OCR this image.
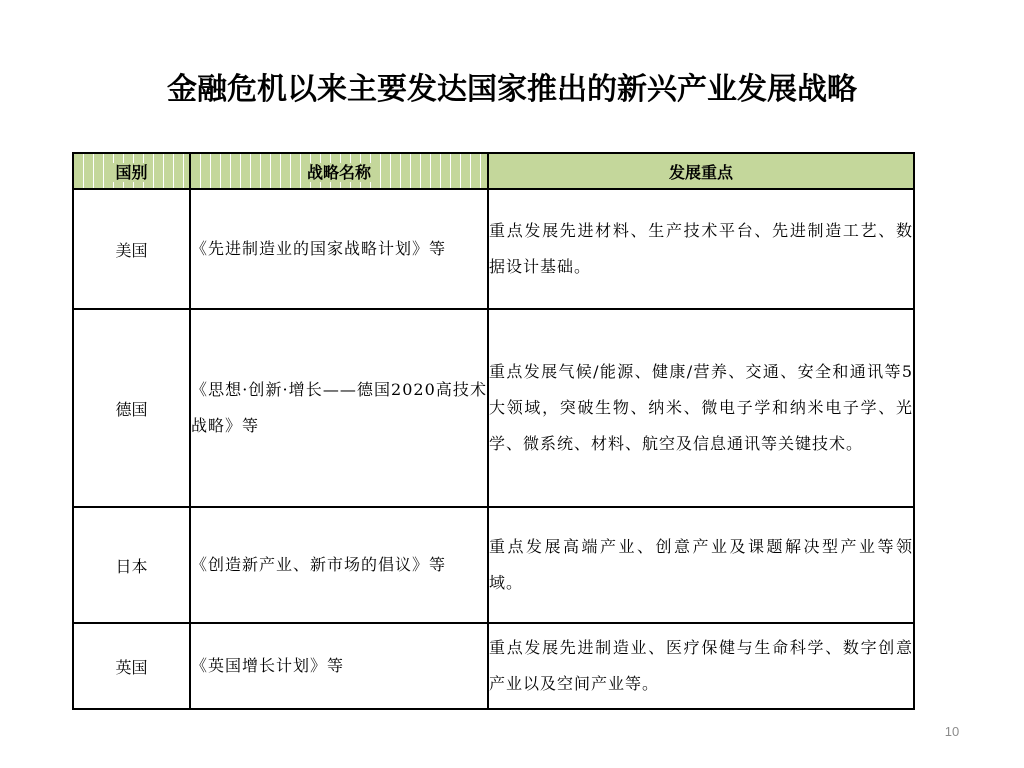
金融危机以来主要发达国家推出的新兴产业发展战略
国别	战略名称	发展重点
美国	《先进制造业的国家战略计划》等	重点发展先进材料、生产技术平台、先进制造工艺、数据设计基础。
德国	《思想·创新·增长——德国2020高技术战略》等	重点发展气候/能源、健康/营养、交通、安全和通讯等5大领域，突破生物、纳米、微电子学和纳米电子学、光学、微系统、材料、航空及信息通讯等关键技术。
日本	《创造新产业、新市场的倡议》等	重点发展高端产业、创意产业及课题解决型产业等领域。
英国	《英国增长计划》等	重点发展先进制造业、医疗保健与生命科学、数字创意产业以及空间产业等。
10
